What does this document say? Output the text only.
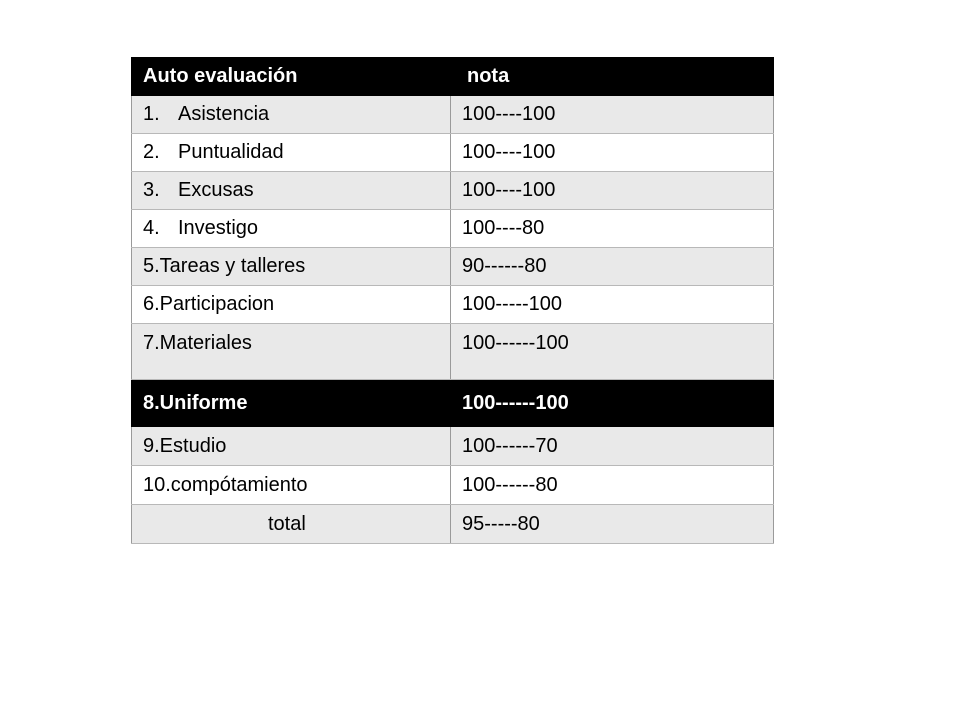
Auto evaluación	nota
1. Asistencia	100----100
2. Puntualidad	100----100
3. Excusas	100----100
4. Investigo	100----80
5.Tareas y talleres	90------80
6.Participacion	100-----100
7.Materiales	100------100
8.Uniforme	100------100
9.Estudio	100------70
10.compótamiento	100------80
total	95-----80
